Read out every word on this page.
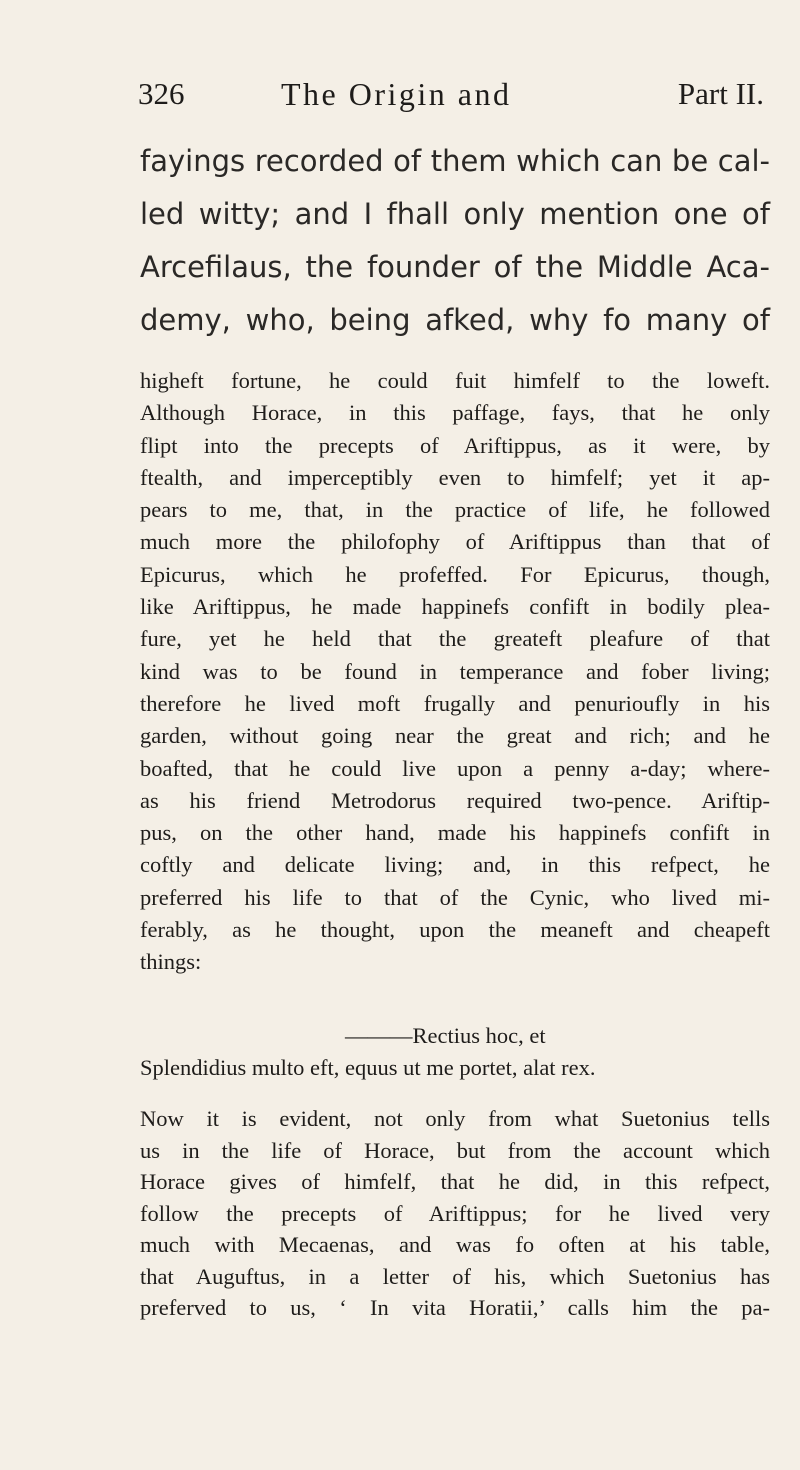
326	The Origin and	Part II.
fayings recorded of them which can be cal-
led witty; and I fhall only mention one of
Arcefilaus, the founder of the Middle Aca-
demy, who, being afked, why fo many of
higheft fortune, he could fuit himfelf to the loweft.
Although Horace, in this paffage, fays, that he only
flipt into the precepts of Ariftippus, as it were, by
ftealth, and imperceptibly even to himfelf; yet it ap-
pears to me, that, in the practice of life, he followed
much more the philofophy of Ariftippus than that of
Epicurus, which he profeffed. For Epicurus, though,
like Ariftippus, he made happinefs confift in bodily plea-
fure, yet he held that the greateft pleafure of that
kind was to be found in temperance and fober living;
therefore he lived moft frugally and penurioufly in his
garden, without going near the great and rich; and he
boafted, that he could live upon a penny a-day; where-
as his friend Metrodorus required two-pence. Ariftip-
pus, on the other hand, made his happinefs confift in
coftly and delicate living; and, in this refpect, he
preferred his life to that of the Cynic, who lived mi-
ferably, as he thought, upon the meaneft and cheapeft
things:
———Rectius hoc, et
Splendidius multo eft, equus ut me portet, alat rex.
Now it is evident, not only from what Suetonius tells
us in the life of Horace, but from the account which
Horace gives of himfelf, that he did, in this refpect,
follow the precepts of Ariftippus; for he lived very
much with Mecaenas, and was fo often at his table,
that Auguftus, in a letter of his, which Suetonius has
preferved to us, ‘ In vita Horatii,’ calls him the pa-
